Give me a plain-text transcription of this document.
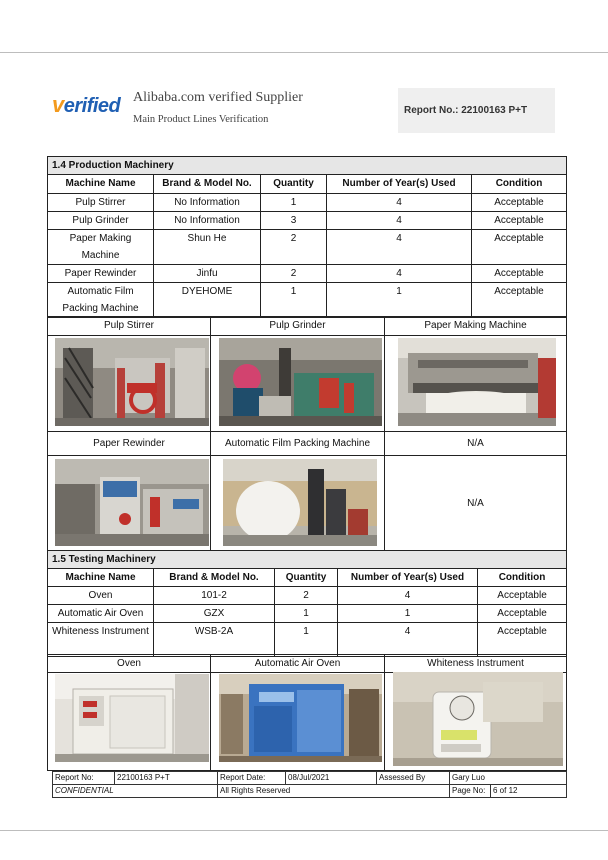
verified Alibaba.com verified Supplier
Main Product Lines Verification
Report No.: 22100163 P+T
1.4 Production Machinery				
Machine Name	Brand & Model No.	Quantity	Number of Year(s) Used	Condition
Pulp Stirrer	No Information	1	4	Acceptable
Pulp Grinder	No Information	3	4	Acceptable
Paper Making Machine	Shun He	2	4	Acceptable
Paper Rewinder	Jinfu	2	4	Acceptable
Automatic Film Packing Machine	DYEHOME	1	1	Acceptable
Pulp Stirrer	Pulp Grinder	Paper Making Machine

Paper Rewinder	Automatic Film Packing Machine	N/A
		N/A
1.5 Testing Machinery				
Machine Name	Brand & Model No.	Quantity	Number of Year(s) Used	Condition
Oven	101-2	2	4	Acceptable
Automatic Air Oven	GZX	1	1	Acceptable
Whiteness Instrument	WSB-2A	1	4	Acceptable
Oven	Automatic Air Oven	Whiteness Instrument

Report No:	22100163 P+T	Report Date:	08/Jul/2021	Assessed By	Gary Luo	
CONFIDENTIAL		All Rights Reserved			Page No:	6 of 12
